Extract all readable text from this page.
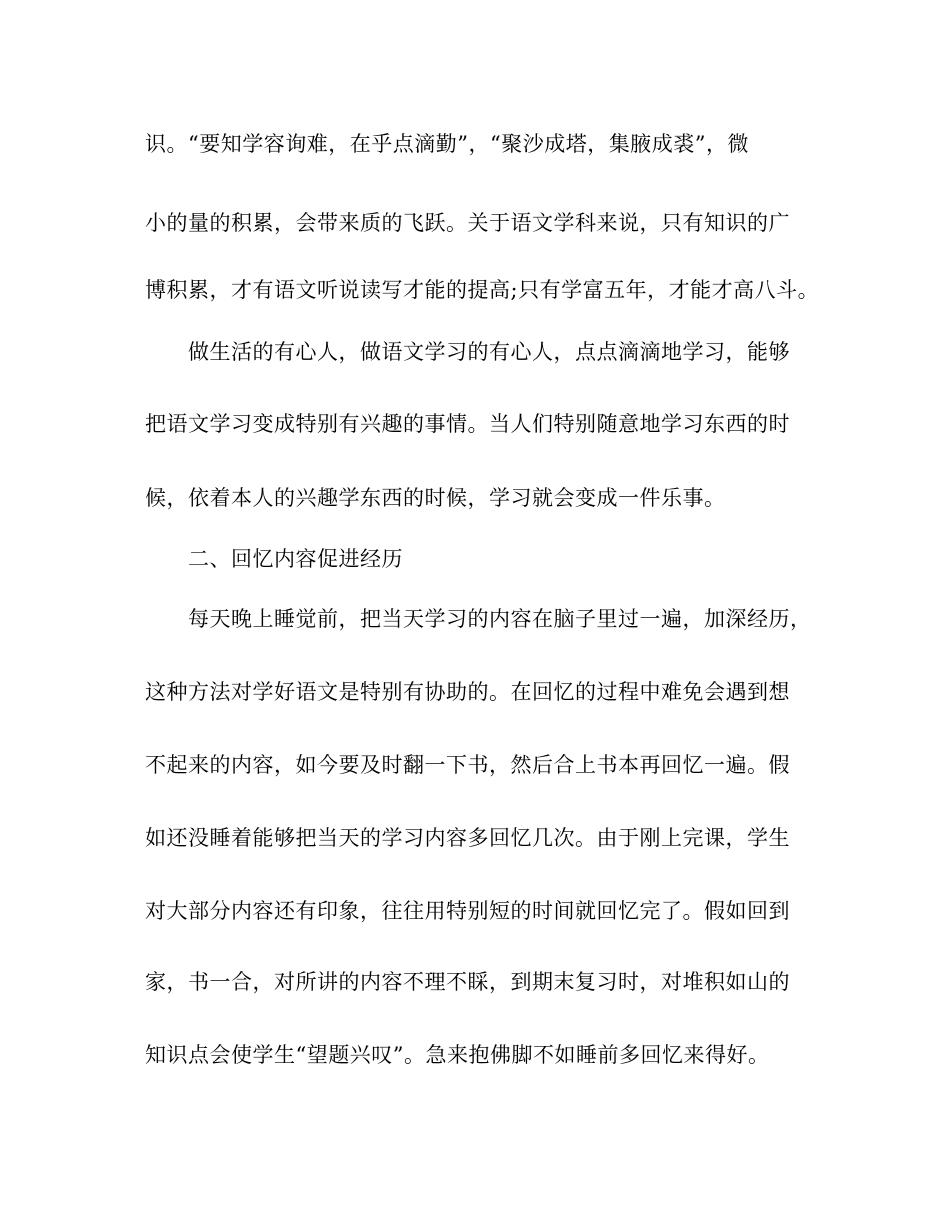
识。“要知学容询难，在乎点滴勤”，“聚沙成塔，集腋成裘”，微
小的量的积累，会带来质的飞跃。关于语文学科来说，只有知识的广
博积累，才有语文听说读写才能的提高;只有学富五年，才能才高八斗。
做生活的有心人，做语文学习的有心人，点点滴滴地学习，能够
把语文学习变成特别有兴趣的事情。当人们特别随意地学习东西的时
候，依着本人的兴趣学东西的时候，学习就会变成一件乐事。
二、回忆内容促进经历
每天晚上睡觉前，把当天学习的内容在脑子里过一遍，加深经历，
这种方法对学好语文是特别有协助的。在回忆的过程中难免会遇到想
不起来的内容，如今要及时翻一下书，然后合上书本再回忆一遍。假
如还没睡着能够把当天的学习内容多回忆几次。由于刚上完课，学生
对大部分内容还有印象，往往用特别短的时间就回忆完了。假如回到
家，书一合，对所讲的内容不理不睬，到期末复习时，对堆积如山的
知识点会使学生“望题兴叹”。急来抱佛脚不如睡前多回忆来得好。
